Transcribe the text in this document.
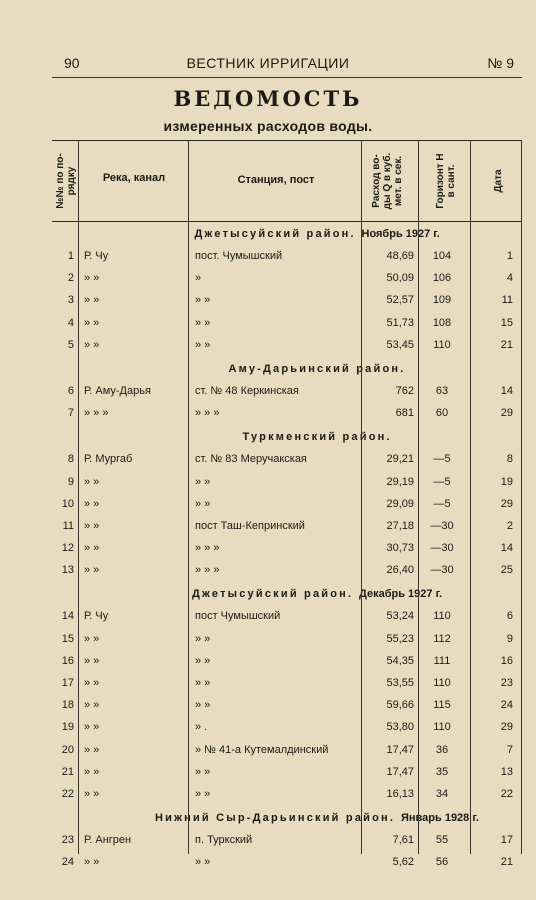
90	ВЕСТНИК ИРРИГАЦИИ	№ 9
ВЕДОМОСТЬ
измеренных расходов воды.
№№ по по- рядку	Река, канал	Станция, пост	Расход во- ды Q в куб. мет. в сек.	Горизонт Н в сант.	Дата
Джетысуйский район. Ноябрь 1927 г.
1 Р. Чу	пост. Чумышский	48,69	104	1
2 » »	»	50,09	106	4
3 » »	» »	52,57	109	11
4 » »	» »	51,73	108	15
5 » »	» »	53,45	110	21
Аму-Дарьинский район.
6 Р. Аму-Дарья	ст. № 48 Керкинская	762	63	14
7 » » »	» » »	681	60	29
Туркменский район.
8 Р. Мургаб	ст. № 83 Меручакская	29,21	—5	8
9 » »	» »	29,19	—5	19
10 » »	» »	29,09	—5	29
11 » »	пост Таш-Кепринский	27,18	—30	2
12 » »	» » »	30,73	—30	14
13 » »	» » »	26,40	—30	25
Джетысуйский район. Декабрь 1927 г.
14 Р. Чу	пост Чумышский	53,24	110	6
15 » »	» »	55,23	112	9
16 » »	» »	54,35	111	16
17 » »	» »	53,55	110	23
18 » »	» »	59,66	115	24
19 » »	» .	53,80	110	29
20 » »	» № 41-а Кутемалдинский	17,47	36	7
21 » »	» »	17,47	35	13
22 » »	» »	16,13	34	22
Нижний Сыр-Дарьинский район. Январь 1928 г.
23 Р. Ангрен	п. Туркский	7,61	55	17
24 » »	» »	5,62	56	21
